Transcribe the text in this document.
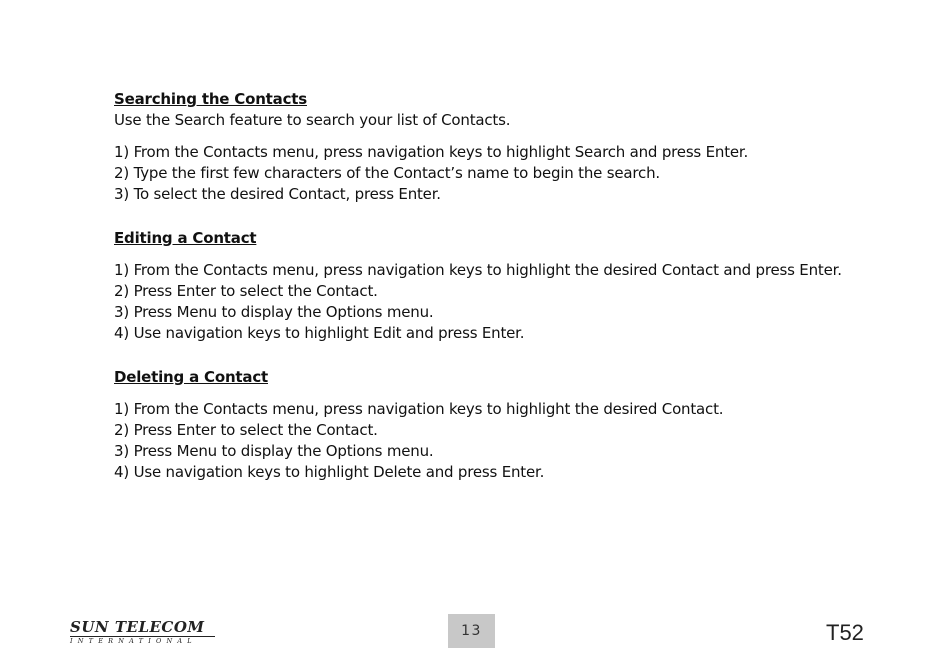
Searching the Contacts

Use the Search feature to search your list of Contacts.

1) From the Contacts menu, press navigation keys to highlight Search and press Enter.
2) Type the first few characters of the Contact’s name to begin the search.
3) To select the desired Contact, press Enter.

Editing a Contact

1) From the Contacts menu, press navigation keys to highlight the desired Contact and press Enter.
2) Press Enter to select the Contact.
3) Press Menu to display the Options menu.
4) Use navigation keys to highlight Edit and press Enter.

Deleting a Contact

1) From the Contacts menu, press navigation keys to highlight the desired Contact.
2) Press Enter to select the Contact.
3) Press Menu to display the Options menu.
4) Use navigation keys to highlight Delete and press Enter.
SUN TELECOM
INTERNATIONAL
13	T52
